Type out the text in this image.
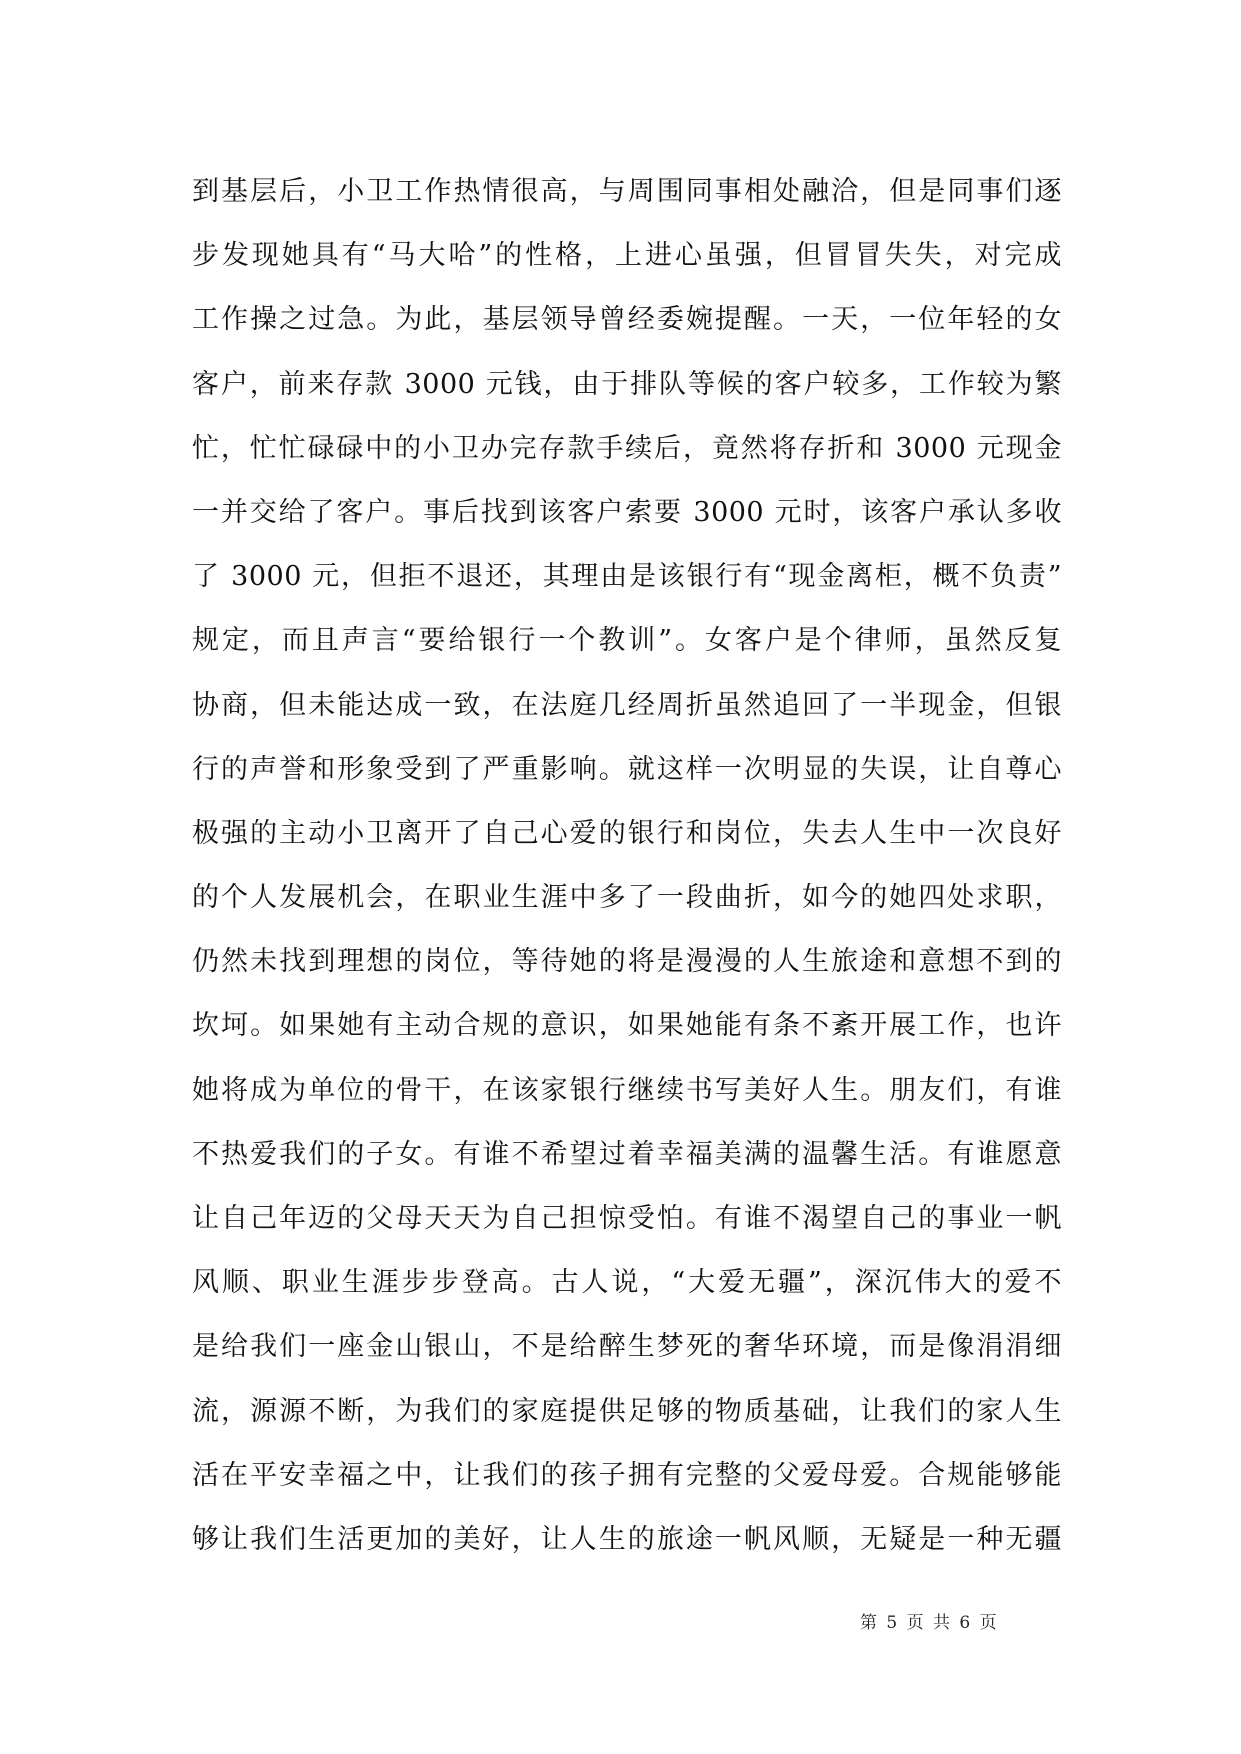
到基层后，小卫工作热情很高，与周围同事相处融洽，但是同事们逐
步发现她具有“马大哈”的性格，上进心虽强，但冒冒失失，对完成
工作操之过急。为此，基层领导曾经委婉提醒。一天，一位年轻的女
客户，前来存款 3000 元钱，由于排队等候的客户较多，工作较为繁
忙，忙忙碌碌中的小卫办完存款手续后，竟然将存折和 3000 元现金
一并交给了客户。事后找到该客户索要 3000 元时，该客户承认多收
了 3000 元，但拒不退还，其理由是该银行有“现金离柜，概不负责”
规定，而且声言“要给银行一个教训”。女客户是个律师，虽然反复
协商，但未能达成一致，在法庭几经周折虽然追回了一半现金，但银
行的声誉和形象受到了严重影响。就这样一次明显的失误，让自尊心
极强的主动小卫离开了自己心爱的银行和岗位，失去人生中一次良好
的个人发展机会，在职业生涯中多了一段曲折，如今的她四处求职，
仍然未找到理想的岗位，等待她的将是漫漫的人生旅途和意想不到的
坎坷。如果她有主动合规的意识，如果她能有条不紊开展工作，也许
她将成为单位的骨干，在该家银行继续书写美好人生。朋友们，有谁
不热爱我们的子女。有谁不希望过着幸福美满的温馨生活。有谁愿意
让自己年迈的父母天天为自己担惊受怕。有谁不渴望自己的事业一帆
风顺、职业生涯步步登高。古人说，“大爱无疆”，深沉伟大的爱不
是给我们一座金山银山，不是给醉生梦死的奢华环境，而是像涓涓细
流，源源不断，为我们的家庭提供足够的物质基础，让我们的家人生
活在平安幸福之中，让我们的孩子拥有完整的父爱母爱。合规能够能
够让我们生活更加的美好，让人生的旅途一帆风顺，无疑是一种无疆
第 5 页 共 6 页
